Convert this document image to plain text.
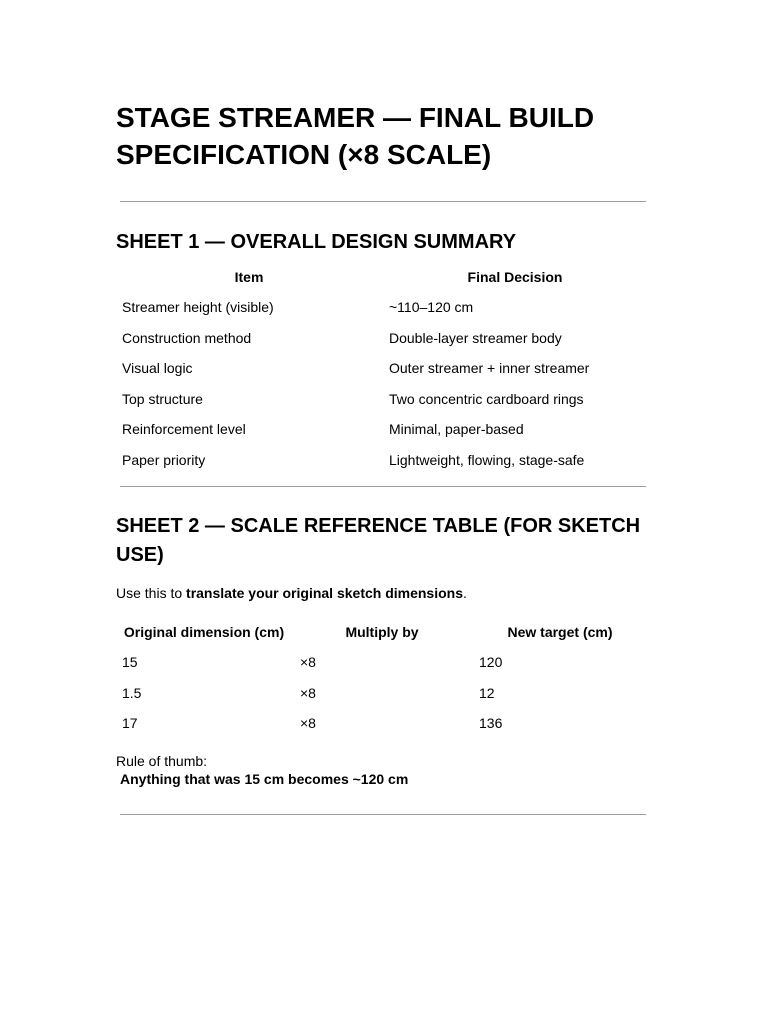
STAGE STREAMER — FINAL BUILD SPECIFICATION (×8 SCALE)
SHEET 1 — OVERALL DESIGN SUMMARY
Item	Final Decision
Streamer height (visible)	~110–120 cm
Construction method	Double-layer streamer body
Visual logic	Outer streamer + inner streamer
Top structure	Two concentric cardboard rings
Reinforcement level	Minimal, paper-based
Paper priority	Lightweight, flowing, stage-safe
SHEET 2 — SCALE REFERENCE TABLE (FOR SKETCH USE)

Use this to translate your original sketch dimensions.

Original dimension (cm)	Multiply by	New target (cm)
15	×8	120
1.5	×8	12
17	×8	136
Rule of thumb:
Anything that was 15 cm becomes ~120 cm
